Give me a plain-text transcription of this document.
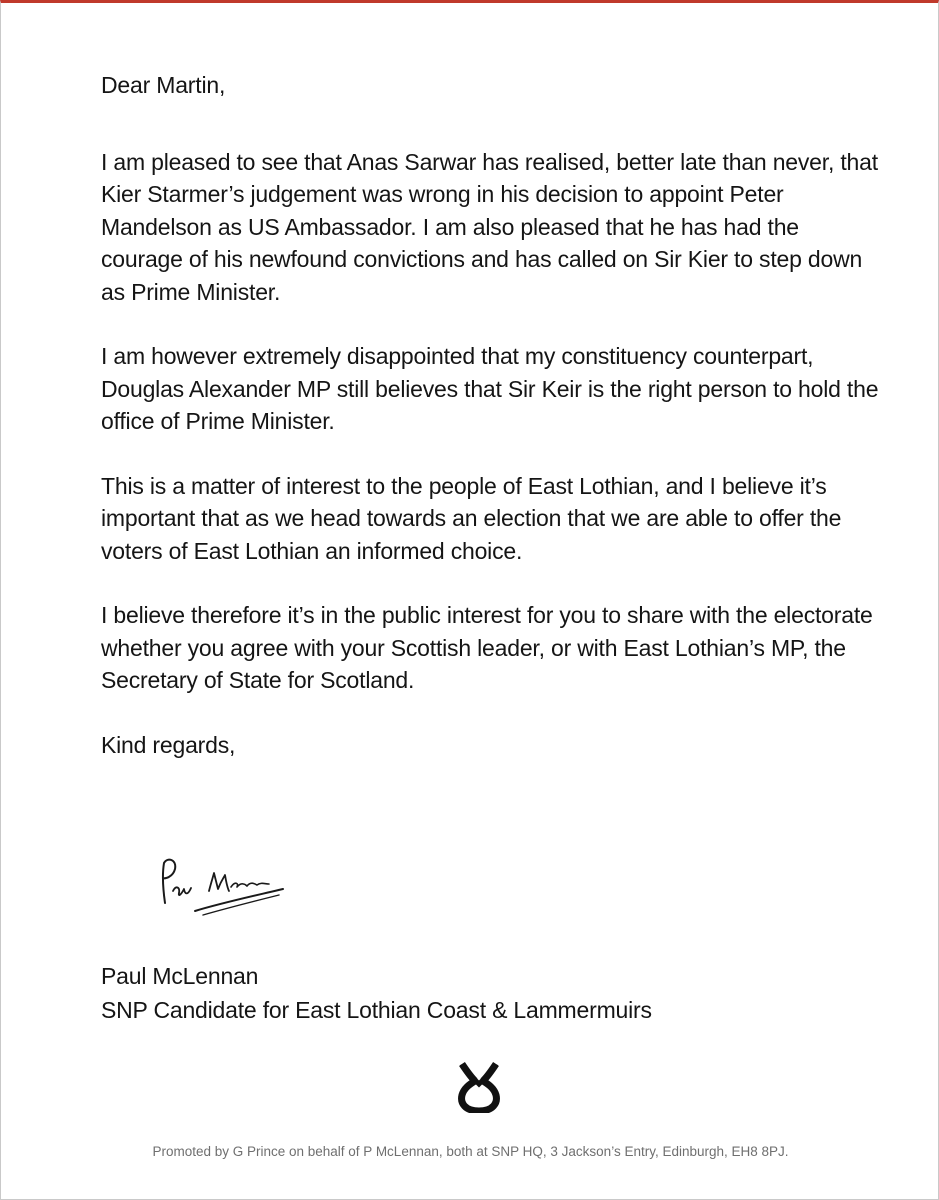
Dear Martin,

I am pleased to see that Anas Sarwar has realised, better late than never, that Kier Starmer’s judgement was wrong in his decision to appoint Peter Mandelson as US Ambassador. I am also pleased that he has had the courage of his newfound convictions and has called on Sir Kier to step down as Prime Minister.

I am however extremely disappointed that my constituency counterpart, Douglas Alexander MP still believes that Sir Keir is the right person to hold the office of Prime Minister.

This is a matter of interest to the people of East Lothian, and I believe it’s important that as we head towards an election that we are able to offer the voters of East Lothian an informed choice.

I believe therefore it’s in the public interest for you to share with the electorate whether you agree with your Scottish leader, or with East Lothian’s MP, the Secretary of State for Scotland.

Kind regards,

Paul McLennan
SNP Candidate for East Lothian Coast & Lammermuirs
Promoted by G Prince on behalf of P McLennan, both at SNP HQ, 3 Jackson’s Entry, Edinburgh, EH8 8PJ.
